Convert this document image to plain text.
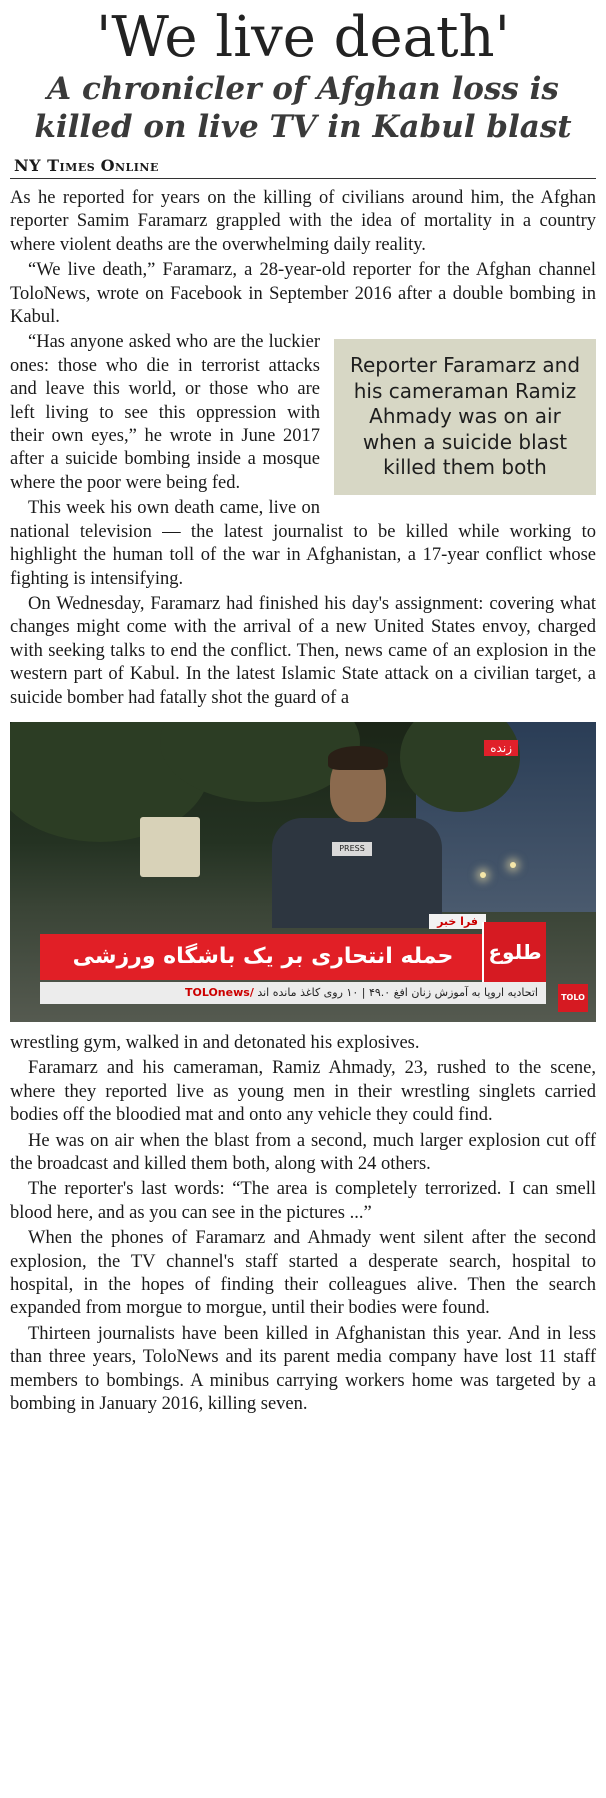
'We live death'
A chronicler of Afghan loss is killed on live TV in Kabul blast
NY Times Online

As he reported for years on the killing of civilians around him, the Afghan reporter Samim Faramarz grappled with the idea of mortality in a country where violent deaths are the overwhelming daily reality.

“We live death,” Faramarz, a 28-year-old reporter for the Afghan channel ToloNews, wrote on Facebook in September 2016 after a double bombing in Kabul.

Reporter Faramarz and his cameraman Ramiz Ahmady was on air when a suicide blast killed them both

“Has anyone asked who are the luckier ones: those who die in terrorist attacks and leave this world, or those who are left living to see this oppression with their own eyes,” he wrote in June 2017 after a suicide bombing inside a mosque where the poor were being fed.

This week his own death came, live on national television — the latest journalist to be killed while working to highlight the human toll of the war in Afghanistan, a 17-year conflict whose fighting is intensifying.

On Wednesday, Faramarz had finished his day's assignment: covering what changes might come with the arrival of a new United States envoy, charged with seeking talks to end the conflict. Then, news came of an explosion in the western part of Kabul. In the latest Islamic State attack on a civilian target, a suicide bomber had fatally shot the guard of a

PRESS
زنده
فرا خبر
حمله انتحاری بر یک باشگاه ورزشی	طلوع
اتحادیه اروپا به آموزش زنان افغ ۴۹.۰ | ۱۰ روی کاغذ مانده اند /TOLOnews	TOLO

wrestling gym, walked in and detonated his explosives.

Faramarz and his cameraman, Ramiz Ahmady, 23, rushed to the scene, where they reported live as young men in their wrestling singlets carried bodies off the bloodied mat and onto any vehicle they could find.

He was on air when the blast from a second, much larger explosion cut off the broadcast and killed them both, along with 24 others.

The reporter's last words: “The area is completely terrorized. I can smell blood here, and as you can see in the pictures ...”

When the phones of Faramarz and Ahmady went silent after the second explosion, the TV channel's staff started a desperate search, hospital to hospital, in the hopes of finding their colleagues alive. Then the search expanded from morgue to morgue, until their bodies were found.

Thirteen journalists have been killed in Afghanistan this year. And in less than three years, ToloNews and its parent media company have lost 11 staff members to bombings. A minibus carrying workers home was targeted by a bombing in January 2016, killing seven.
